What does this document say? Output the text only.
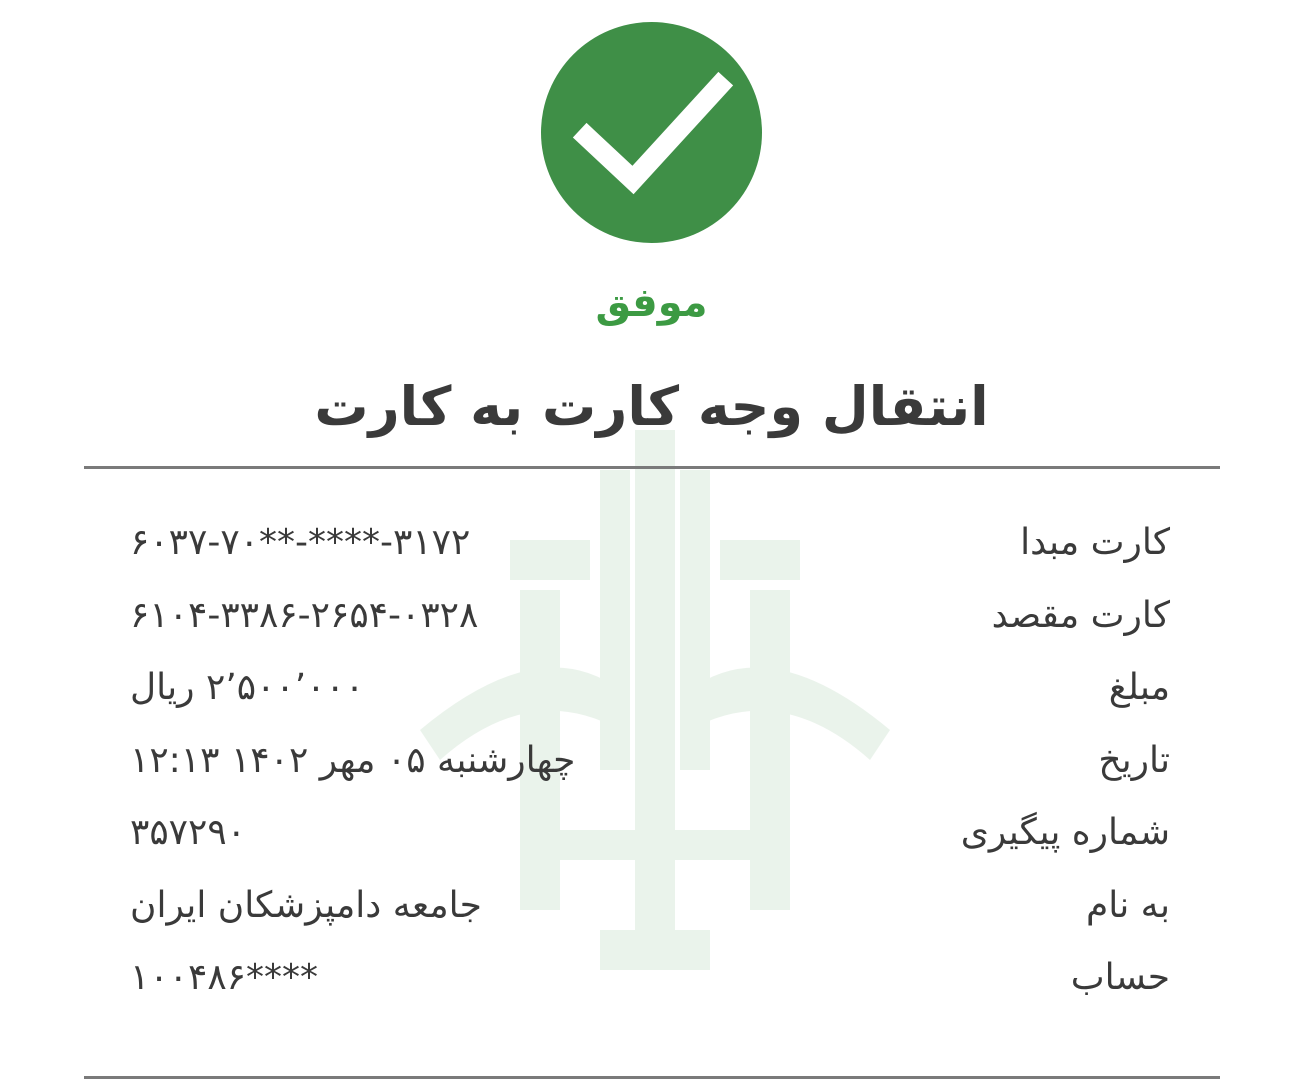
موفق
انتقال وجه کارت به کارت
کارت مبدا
۶۰۳۷-۷۰**-****-۳۱۷۲
کارت مقصد
۶۱۰۴-۳۳۸۶-۲۶۵۴-۰۳۲۸
مبلغ
۲٬۵۰۰٬۰۰۰ ریال
تاریخ
چهارشنبه ۰۵ مهر ۱۴۰۲ ۱۲:۱۳
شماره پیگیری
۳۵۷۲۹۰
به نام
جامعه دامپزشکان ایران
حساب
۱۰۰۴۸۶****
